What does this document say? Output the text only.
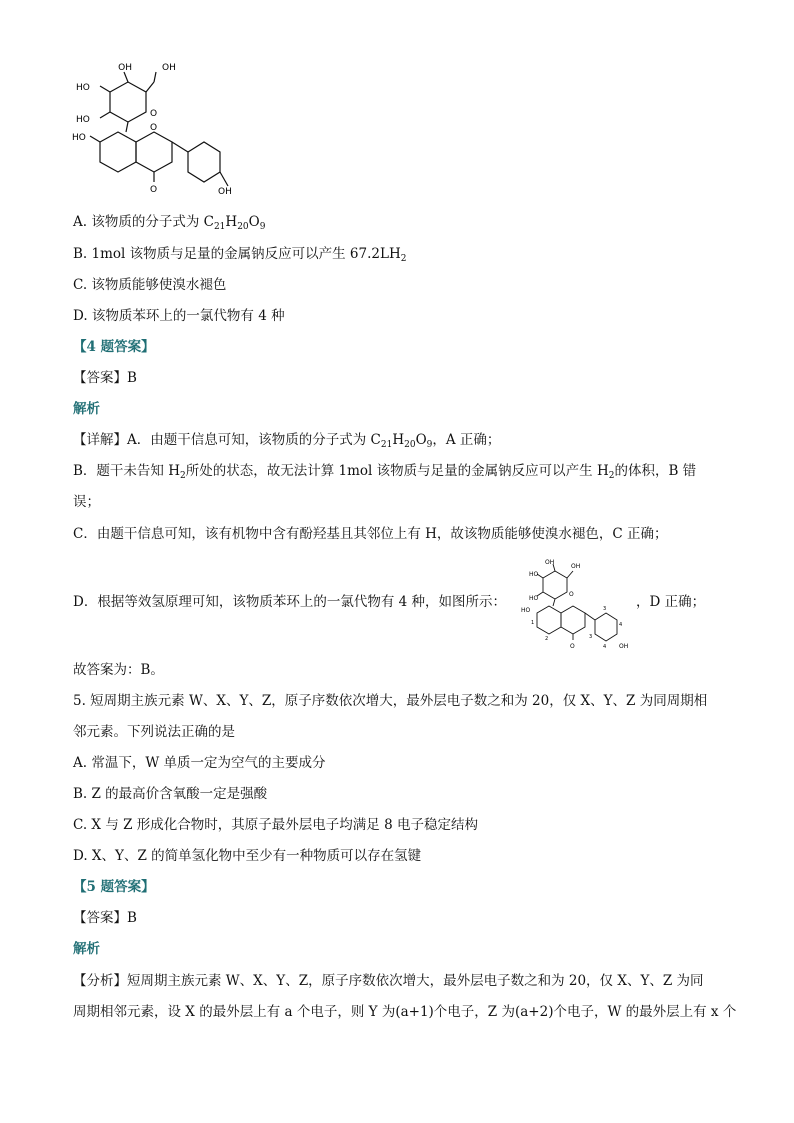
OH	OH
HO
HO
O
HO
O
O	OH
A. 该物质的分子式为 $C_{21}H_{20}O_9$
B. 1mol 该物质与足量的金属钠反应可以产生 $67.2LH_2$
C. 该物质能够使溴水褪色
D. 该物质苯环上的一氯代物有 4 种
【4 题答案】
【答案】B
解析
【详解】A．由题干信息可知，该物质的分子式为 $C_{21}H_{20}O_9$，A 正确；
B．题干未告知 $H_2$所处的状态，故无法计算 1mol 该物质与足量的金属钠反应可以产生 $H_2$的体积，B 错
误；
C．由题干信息可知，该有机物中含有酚羟基且其邻位上有 H，故该物质能够使溴水褪色，C 正确；
D．根据等效氢原理可知，该物质苯环上的一氯代物有 4 种，如图所示：
HO
HO
OH
OH
O
HO
O	OH
1
2
3
3
4
4
，D 正确；
故答案为：B。
5. 短周期主族元素 W、X、Y、Z，原子序数依次增大，最外层电子数之和为 20，仅 X、Y、Z 为同周期相
邻元素。下列说法正确的是
A. 常温下，W 单质一定为空气的主要成分
B. Z 的最高价含氧酸一定是强酸
C. X 与 Z 形成化合物时，其原子最外层电子均满足 8 电子稳定结构
D. X、Y、Z 的简单氢化物中至少有一种物质可以存在氢键
【5 题答案】
【答案】B
解析
【分析】短周期主族元素 W、X、Y、Z，原子序数依次增大，最外层电子数之和为 20，仅 X、Y、Z 为同
周期相邻元素，设 X 的最外层上有 a 个电子，则 Y 为(a+1)个电子，Z 为(a+2)个电子，W 的最外层上有 x 个
